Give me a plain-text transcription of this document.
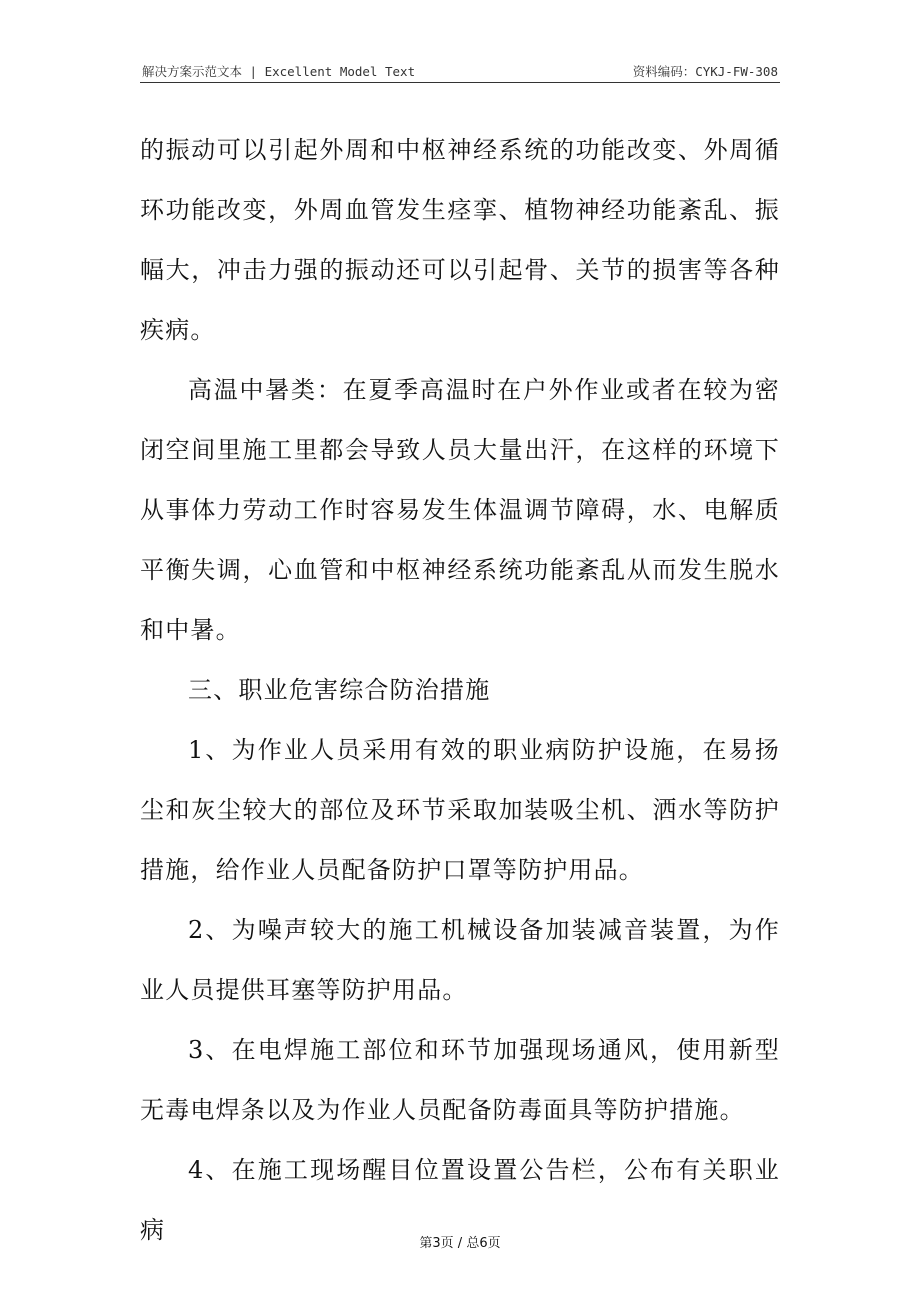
解决方案示范文本 | Excellent Model Text	资料编码：CYKJ-FW-308

的振动可以引起外周和中枢神经系统的功能改变、外周循环功能改变，外周血管发生痉挛、植物神经功能紊乱、振幅大，冲击力强的振动还可以引起骨、关节的损害等各种疾病。

高温中暑类：在夏季高温时在户外作业或者在较为密闭空间里施工里都会导致人员大量出汗，在这样的环境下从事体力劳动工作时容易发生体温调节障碍，水、电解质平衡失调，心血管和中枢神经系统功能紊乱从而发生脱水和中暑。

三、职业危害综合防治措施

1、为作业人员采用有效的职业病防护设施，在易扬尘和灰尘较大的部位及环节采取加装吸尘机、洒水等防护措施，给作业人员配备防护口罩等防护用品。

2、为噪声较大的施工机械设备加装减音装置，为作业人员提供耳塞等防护用品。

3、在电焊施工部位和环节加强现场通风，使用新型无毒电焊条以及为作业人员配备防毒面具等防护措施。

4、在施工现场醒目位置设置公告栏，公布有关职业病	第3页 / 总6页
